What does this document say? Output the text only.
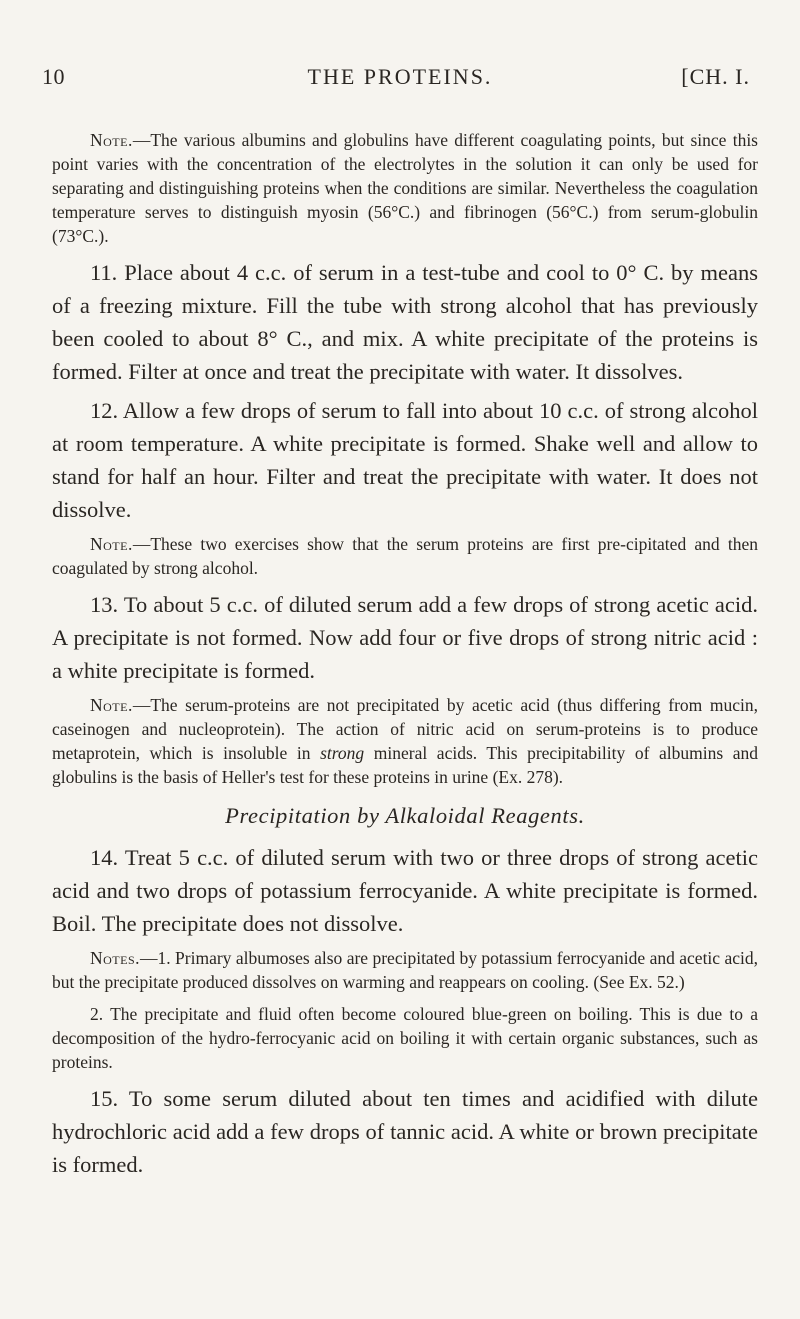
10	THE PROTEINS.	[CH. I.

Note.—The various albumins and globulins have different coagulating points, but since this point varies with the concentration of the electrolytes in the solution it can only be used for separating and distinguishing proteins when the conditions are similar. Nevertheless the coagulation temperature serves to distinguish myosin (56°C.) and fibrinogen (56°C.) from serum-globulin (73°C.).

11. Place about 4 c.c. of serum in a test-tube and cool to 0° C. by means of a freezing mixture. Fill the tube with strong alcohol that has previously been cooled to about 8° C., and mix. A white precipitate of the proteins is formed. Filter at once and treat the precipitate with water. It dissolves.

12. Allow a few drops of serum to fall into about 10 c.c. of strong alcohol at room temperature. A white precipitate is formed. Shake well and allow to stand for half an hour. Filter and treat the precipitate with water. It does not dissolve.

Note.—These two exercises show that the serum proteins are first pre-cipitated and then coagulated by strong alcohol.

13. To about 5 c.c. of diluted serum add a few drops of strong acetic acid. A precipitate is not formed. Now add four or five drops of strong nitric acid : a white precipitate is formed.

Note.—The serum-proteins are not precipitated by acetic acid (thus differing from mucin, caseinogen and nucleoprotein). The action of nitric acid on serum-proteins is to produce metaprotein, which is insoluble in strong mineral acids. This precipitability of albumins and globulins is the basis of Heller's test for these proteins in urine (Ex. 278).

Precipitation by Alkaloidal Reagents.

14. Treat 5 c.c. of diluted serum with two or three drops of strong acetic acid and two drops of potassium ferrocyanide. A white precipitate is formed. Boil. The precipitate does not dissolve.

Notes.—1. Primary albumoses also are precipitated by potassium ferrocyanide and acetic acid, but the precipitate produced dissolves on warming and reappears on cooling. (See Ex. 52.)

2. The precipitate and fluid often become coloured blue-green on boiling. This is due to a decomposition of the hydro-ferrocyanic acid on boiling it with certain organic substances, such as proteins.

15. To some serum diluted about ten times and acidified with dilute hydrochloric acid add a few drops of tannic acid. A white or brown precipitate is formed.
